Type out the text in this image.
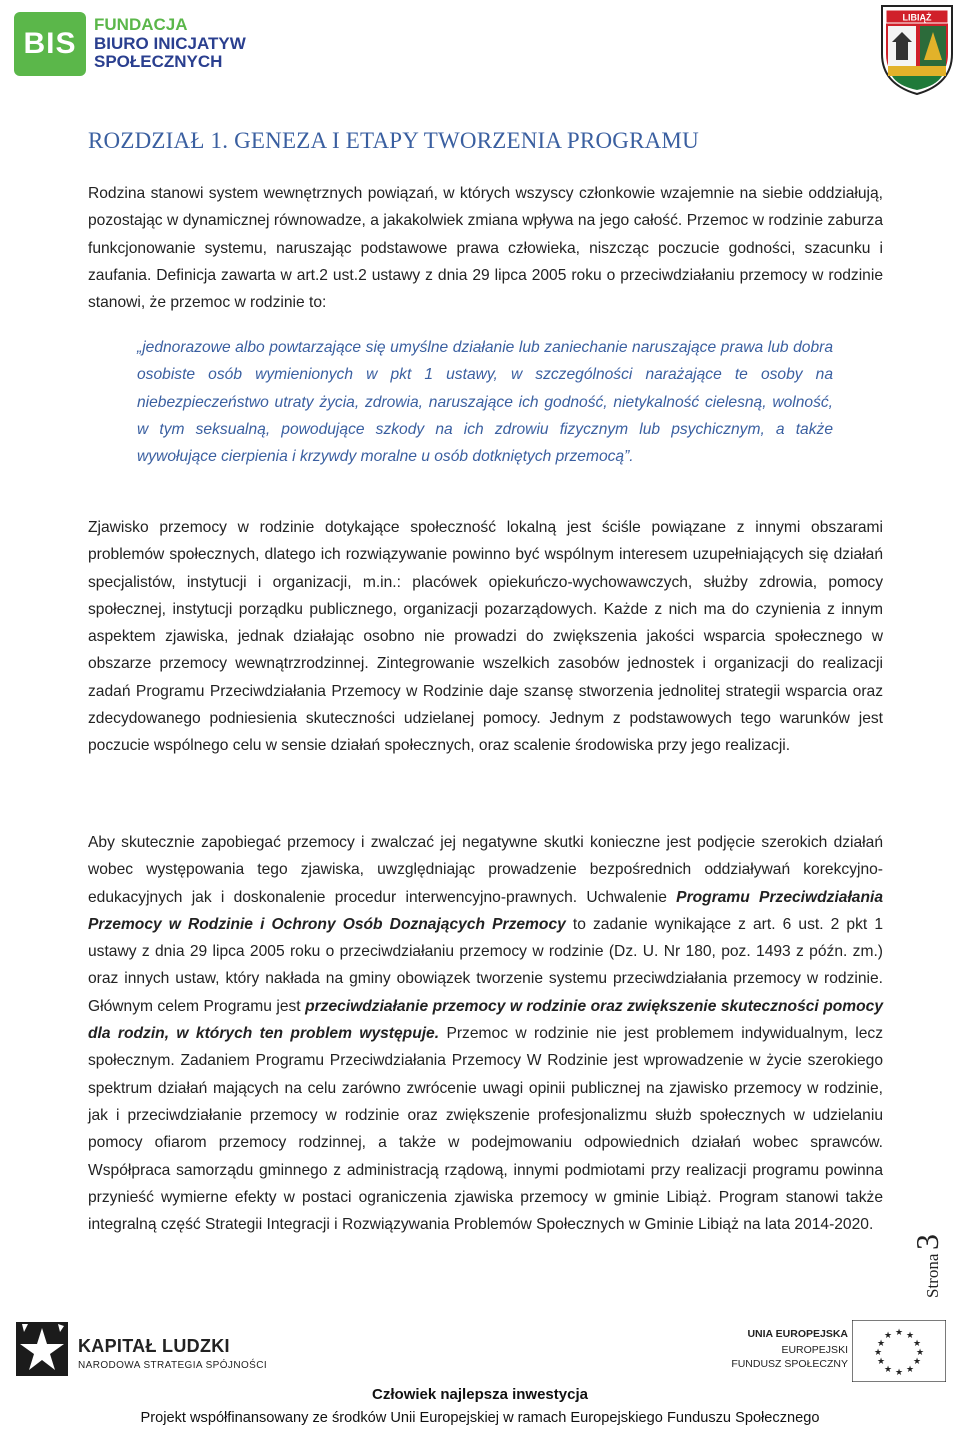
BIS
FUNDACJA
BIURO INICJATYW
SPOŁECZNYCH
LIBIĄŻ
ROZDZIAŁ 1. GENEZA I ETAPY TWORZENIA PROGRAMU

Rodzina stanowi system wewnętrznych powiązań, w których wszyscy członkowie wzajemnie na siebie oddziałują, pozostając w dynamicznej równowadze, a jakakolwiek zmiana wpływa na jego całość. Przemoc w rodzinie zaburza funkcjonowanie systemu, naruszając podstawowe prawa człowieka, niszcząc poczucie godności, szacunku i zaufania. Definicja zawarta w art.2 ust.2 ustawy z dnia 29 lipca 2005 roku o przeciwdziałaniu przemocy w rodzinie stanowi, że przemoc w rodzinie to:

„jednorazowe albo powtarzające się umyślne działanie lub zaniechanie naruszające prawa lub dobra osobiste osób wymienionych w pkt 1 ustawy, w szczególności narażające te osoby na niebezpieczeństwo utraty życia, zdrowia, naruszające ich godność, nietykalność cielesną, wolność, w tym seksualną, powodujące szkody na ich zdrowiu fizycznym lub psychicznym, a także wywołujące cierpienia i krzywdy moralne u osób dotkniętych przemocą”.

Zjawisko przemocy w rodzinie dotykające społeczność lokalną jest ściśle powiązane z innymi obszarami problemów społecznych, dlatego ich rozwiązywanie powinno być wspólnym interesem uzupełniających się działań specjalistów, instytucji i organizacji, m.in.: placówek opiekuńczo-wychowawczych, służby zdrowia, pomocy społecznej, instytucji porządku publicznego, organizacji pozarządowych. Każde z nich ma do czynienia z innym aspektem zjawiska, jednak działając osobno nie prowadzi do zwiększenia jakości wsparcia społecznego w obszarze przemocy wewnątrzrodzinnej. Zintegrowanie wszelkich zasobów jednostek i organizacji do realizacji zadań Programu Przeciwdziałania Przemocy w Rodzinie daje szansę stworzenia jednolitej strategii wsparcia oraz zdecydowanego podniesienia skuteczności udzielanej pomocy. Jednym z podstawowych tego warunków jest poczucie wspólnego celu w sensie działań społecznych, oraz scalenie środowiska przy jego realizacji.

Aby skutecznie zapobiegać przemocy i zwalczać jej negatywne skutki konieczne jest podjęcie szerokich działań wobec występowania tego zjawiska, uwzględniając prowadzenie bezpośrednich oddziaływań korekcyjno-edukacyjnych jak i doskonalenie procedur interwencyjno-prawnych. Uchwalenie Programu Przeciwdziałania Przemocy w Rodzinie i Ochrony Osób Doznających Przemocy to zadanie wynikające z art. 6 ust. 2 pkt 1 ustawy z dnia 29 lipca 2005 roku o przeciwdziałaniu przemocy w rodzinie (Dz. U. Nr 180, poz. 1493 z późn. zm.) oraz innych ustaw, który nakłada na gminy obowiązek tworzenie systemu przeciwdziałania przemocy w rodzinie. Głównym celem Programu jest przeciwdziałanie przemocy w rodzinie oraz zwiększenie skuteczności pomocy dla rodzin, w których ten problem występuje. Przemoc w rodzinie nie jest problemem indywidualnym, lecz społecznym. Zadaniem Programu Przeciwdziałania Przemocy W Rodzinie jest wprowadzenie w życie szerokiego spektrum działań mających na celu zarówno zwrócenie uwagi opinii publicznej na zjawisko przemocy w rodzinie, jak i przeciwdziałanie przemocy w rodzinie oraz zwiększenie profesjonalizmu służb społecznych w udzielaniu pomocy ofiarom przemocy rodzinnej, a także w podejmowaniu odpowiednich działań wobec sprawców. Współpraca samorządu gminnego z administracją rządową, innymi podmiotami przy realizacji programu powinna przynieść wymierne efekty w postaci ograniczenia zjawiska przemocy w gminie Libiąż. Program stanowi także integralną część Strategii Integracji i Rozwiązywania Problemów Społecznych w Gminie Libiąż na lata 2014-2020.

Strona
3
KAPITAŁ LUDZKI
NARODOWA STRATEGIA SPÓJNOŚCI
UNIA EUROPEJSKA
EUROPEJSKI
FUNDUSZ SPOŁECZNY
★ ★
★
★
★
★
★
★
★
★
★
★
Człowiek najlepsza inwestycja
Projekt współfinansowany ze środków Unii Europejskiej w ramach Europejskiego Funduszu Społecznego
